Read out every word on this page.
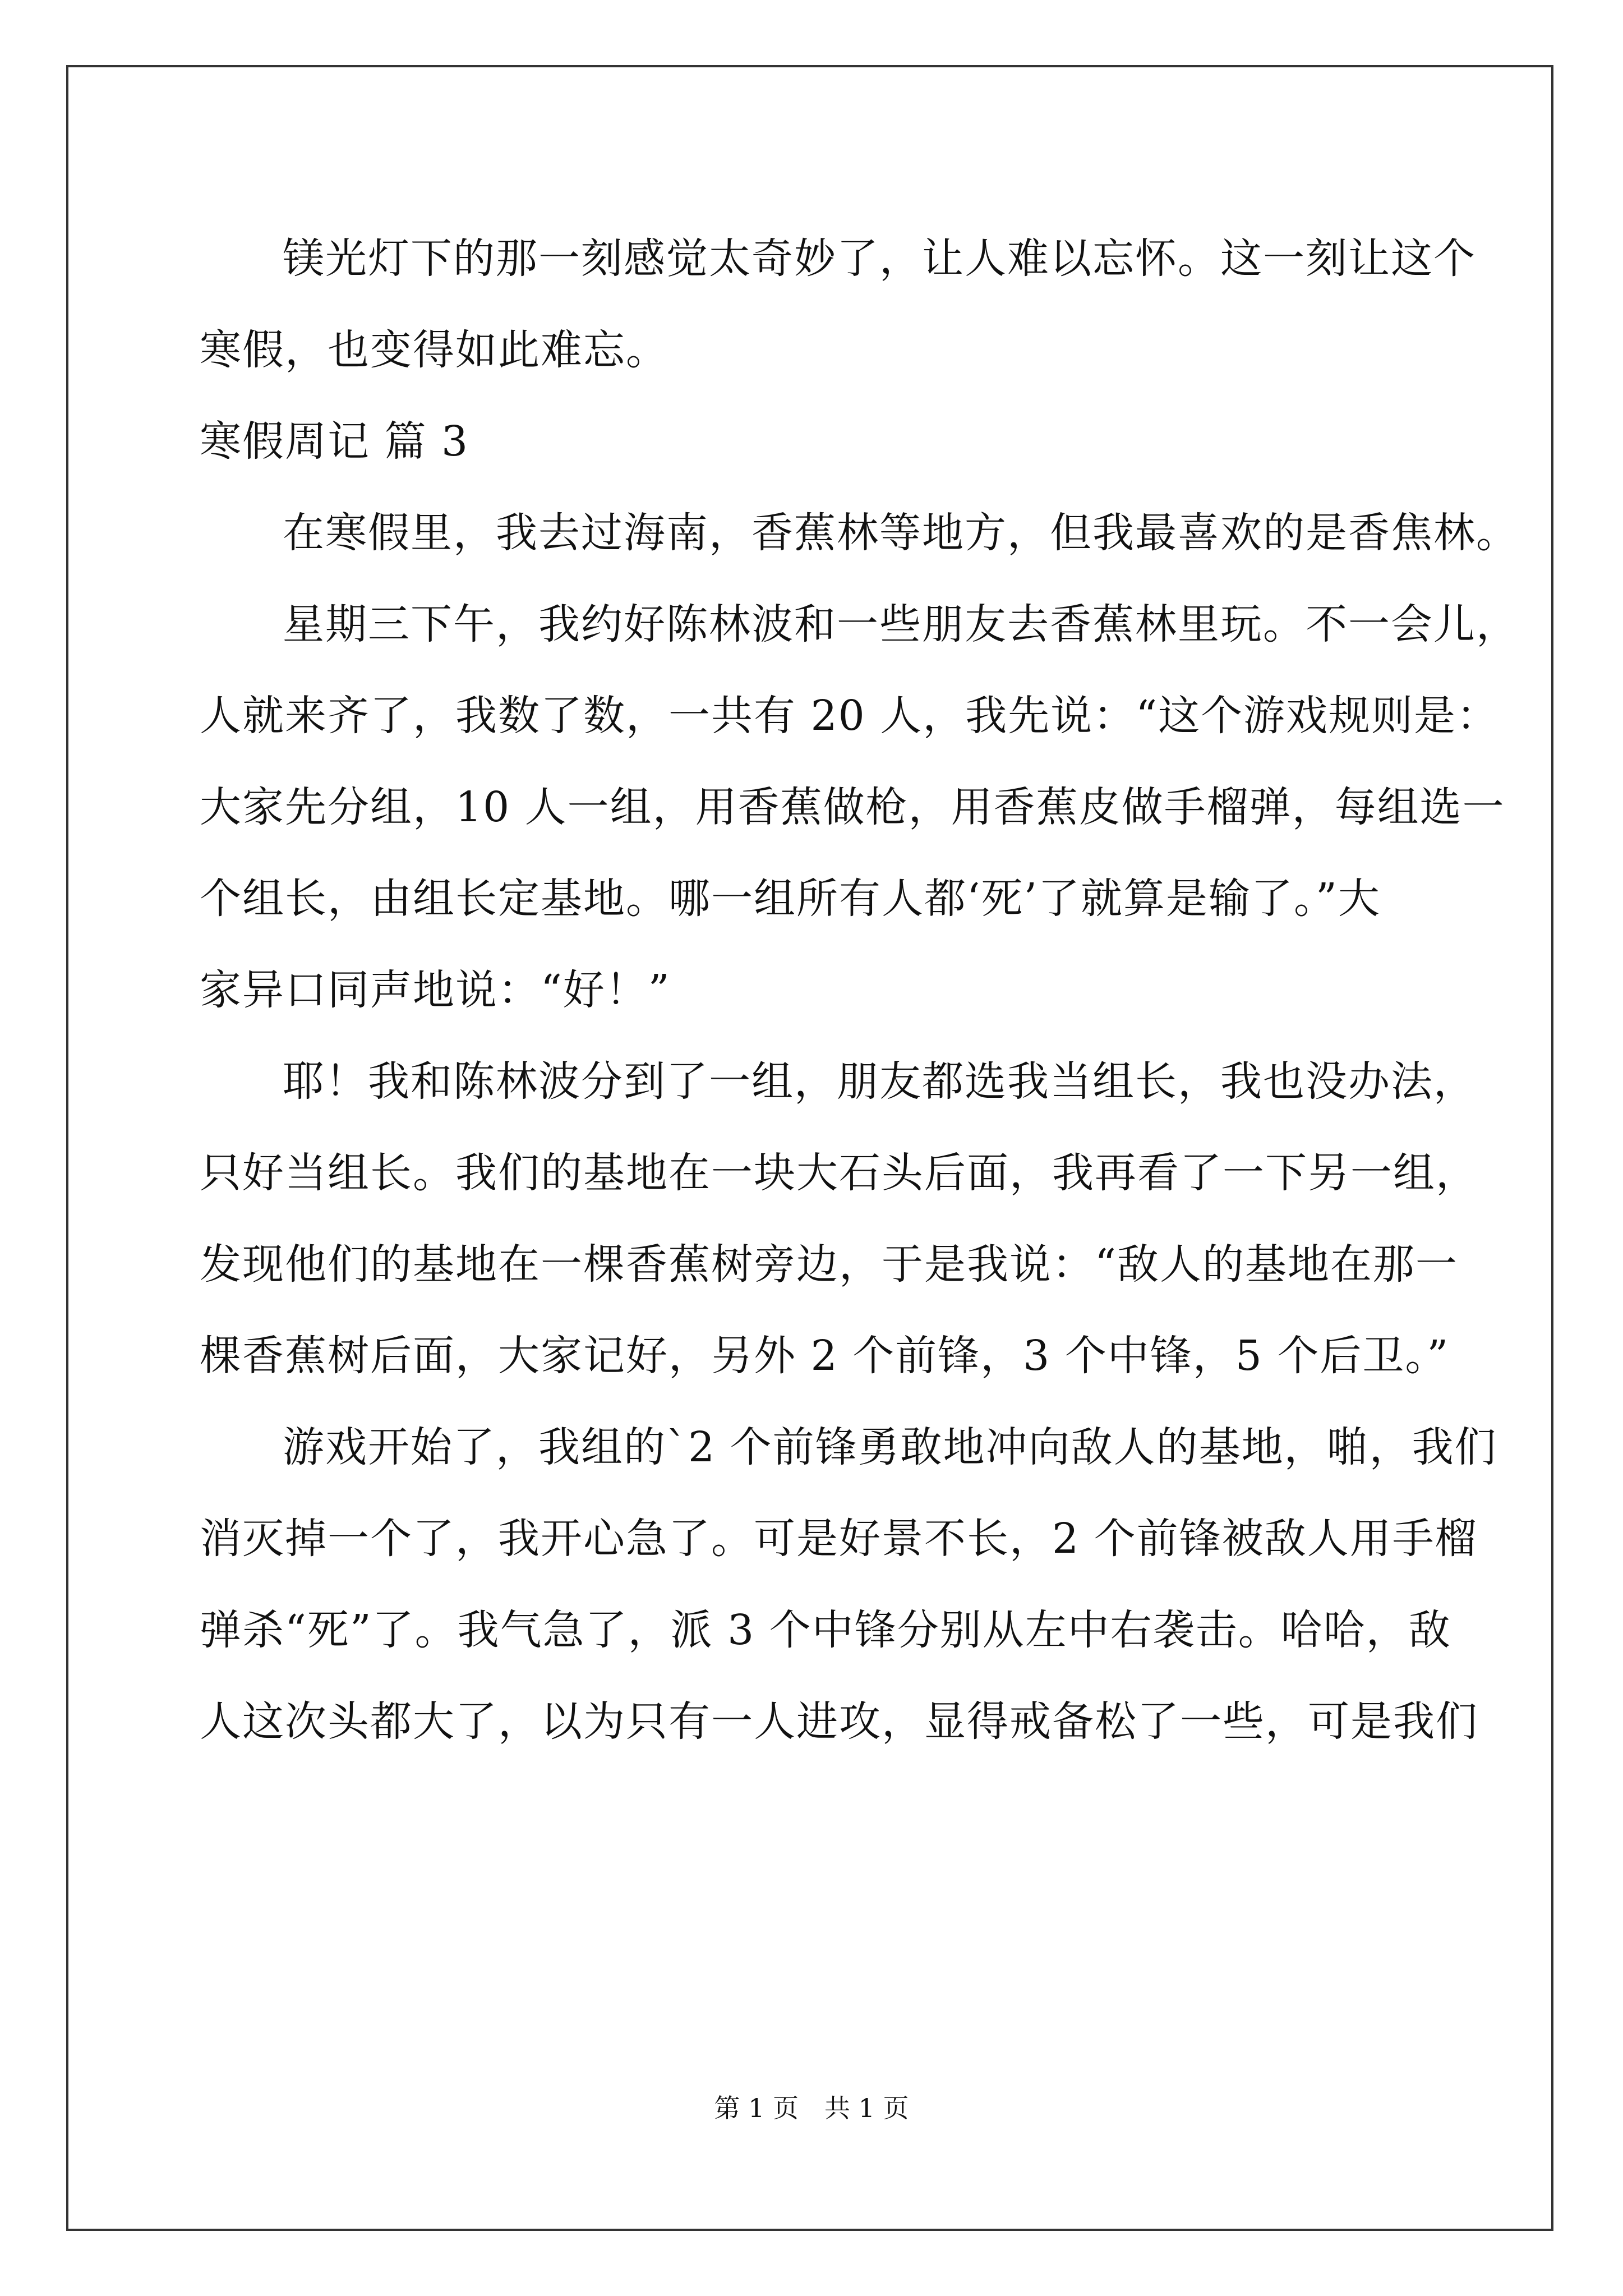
镁光灯下的那一刻感觉太奇妙了，让人难以忘怀。这一刻让这个

寒假，也变得如此难忘。

寒假周记 篇 3

在寒假里，我去过海南，香蕉林等地方，但我最喜欢的是香焦林。

星期三下午，我约好陈林波和一些朋友去香蕉林里玩。不一会儿，

人就来齐了，我数了数，一共有 20 人，我先说：“这个游戏规则是：

大家先分组，10 人一组，用香蕉做枪，用香蕉皮做手榴弹，每组选一

个组长，由组长定基地。哪一组所有人都‘死’了就算是输了。”大

家异口同声地说：“好！”

耶！我和陈林波分到了一组，朋友都选我当组长，我也没办法，

只好当组长。我们的基地在一块大石头后面，我再看了一下另一组，

发现他们的基地在一棵香蕉树旁边，于是我说：“敌人的基地在那一

棵香蕉树后面，大家记好，另外 2 个前锋，3 个中锋，5 个后卫。”

游戏开始了，我组的`2 个前锋勇敢地冲向敌人的基地，啪，我们

消灭掉一个了，我开心急了。可是好景不长，2 个前锋被敌人用手榴

弹杀“死”了。我气急了，派 3 个中锋分别从左中右袭击。哈哈，敌

人这次头都大了，以为只有一人进攻，显得戒备松了一些，可是我们

第 1 页　共 1 页
